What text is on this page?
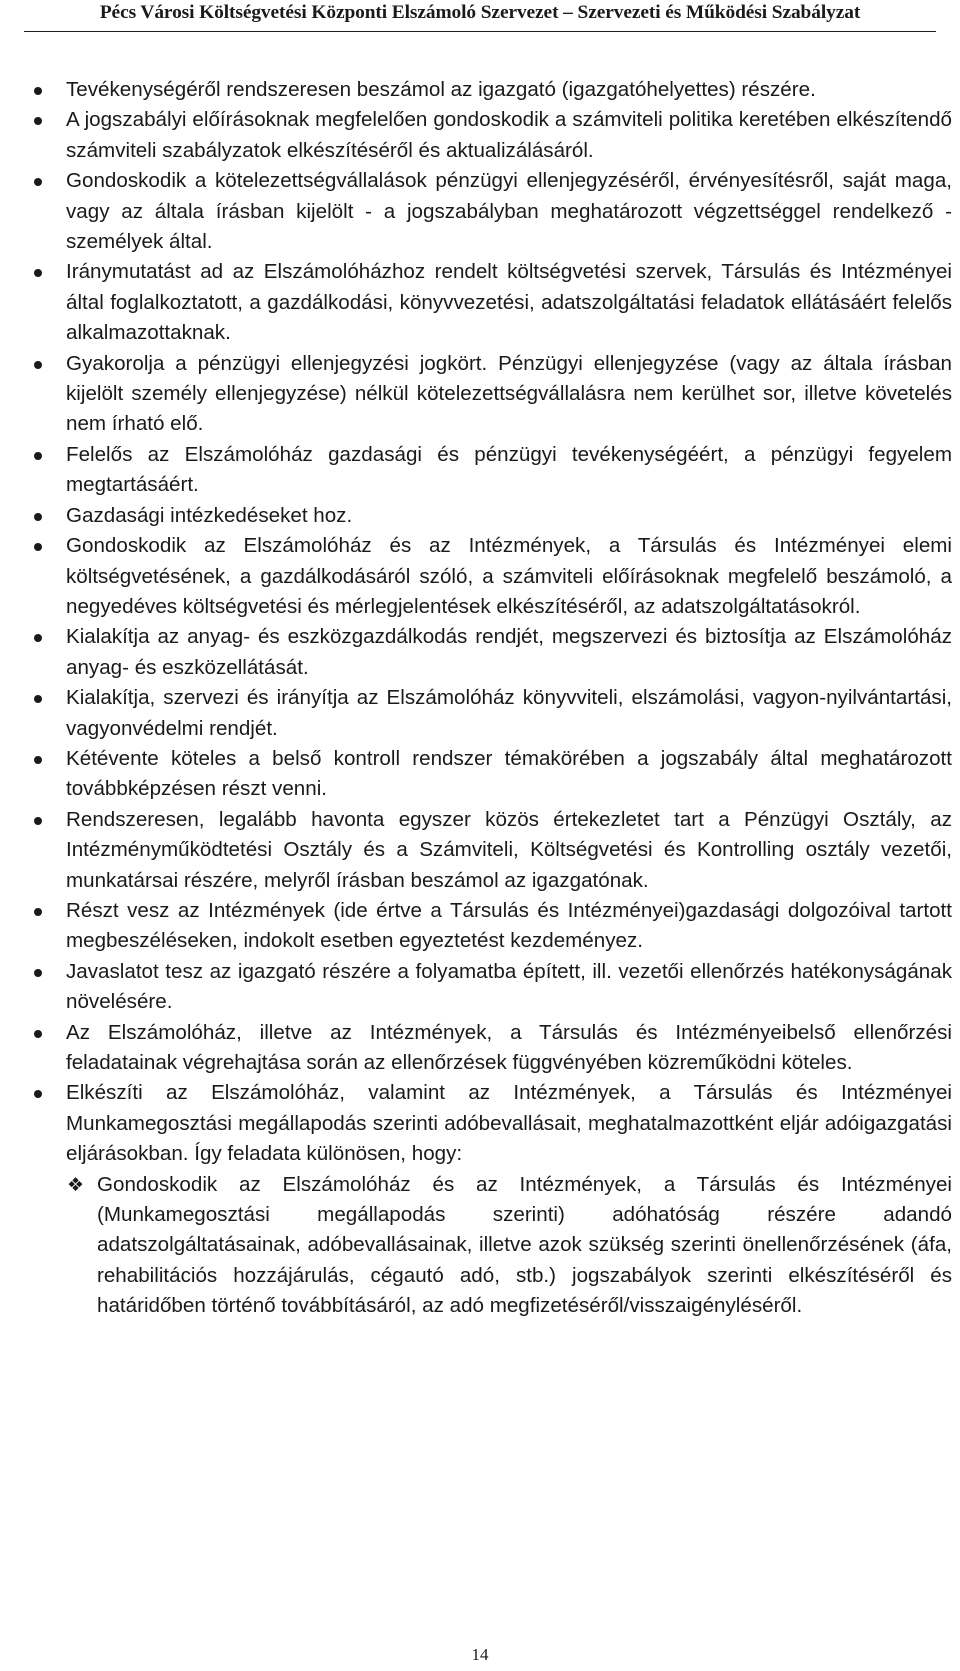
Pécs Városi Költségvetési Központi Elszámoló Szervezet – Szervezeti és Működési Szabályzat
Tevékenységéről rendszeresen beszámol az igazgató (igazgatóhelyettes) részére.
A jogszabályi előírásoknak megfelelően gondoskodik a számviteli politika keretében elkészítendő számviteli szabályzatok elkészítéséről és aktualizálásáról.
Gondoskodik a kötelezettségvállalások pénzügyi ellenjegyzéséről, érvényesítésről, saját maga, vagy az általa írásban kijelölt - a jogszabályban meghatározott végzettséggel rendelkező - személyek által.
Iránymutatást ad az Elszámolóházhoz rendelt költségvetési szervek, Társulás és Intézményei által foglalkoztatott, a gazdálkodási, könyvvezetési, adatszolgáltatási feladatok ellátásáért felelős alkalmazottaknak.
Gyakorolja a pénzügyi ellenjegyzési jogkört. Pénzügyi ellenjegyzése (vagy az általa írásban kijelölt személy ellenjegyzése) nélkül kötelezettségvállalásra nem kerülhet sor, illetve követelés nem írható elő.
Felelős az Elszámolóház gazdasági és pénzügyi tevékenységéért, a pénzügyi fegyelem megtartásáért.
Gazdasági intézkedéseket hoz.
Gondoskodik az Elszámolóház és az Intézmények, a Társulás és Intézményei elemi költségvetésének, a gazdálkodásáról szóló, a számviteli előírásoknak megfelelő beszámoló, a negyedéves költségvetési és mérlegjelentések elkészítéséről, az adatszolgáltatásokról.
Kialakítja az anyag- és eszközgazdálkodás rendjét, megszervezi és biztosítja az Elszámolóház anyag- és eszközellátását.
Kialakítja, szervezi és irányítja az Elszámolóház könyvviteli, elszámolási, vagyon-nyilvántartási, vagyonvédelmi rendjét.
Kétévente köteles a belső kontroll rendszer témakörében a jogszabály által meghatározott továbbképzésen részt venni.
Rendszeresen, legalább havonta egyszer közös értekezletet tart a Pénzügyi Osztály, az Intézményműködtetési Osztály és a Számviteli, Költségvetési és Kontrolling osztály vezetői, munkatársai részére, melyről írásban beszámol az igazgatónak.
Részt vesz az Intézmények (ide értve a Társulás és Intézményei)gazdasági dolgozóival tartott megbeszéléseken, indokolt esetben egyeztetést kezdeményez.
Javaslatot tesz az igazgató részére a folyamatba épített, ill. vezetői ellenőrzés hatékonyságának növelésére.
Az Elszámolóház, illetve az Intézmények, a Társulás és Intézményeibelső ellenőrzési feladatainak végrehajtása során az ellenőrzések függvényében közreműködni köteles.
Elkészíti az Elszámolóház, valamint az Intézmények, a Társulás és Intézményei Munkamegosztási megállapodás szerinti adóbevallásait, meghatalmazottként eljár adóigazgatási eljárásokban. Így feladata különösen, hogy:
❖ Gondoskodik az Elszámolóház és az Intézmények, a Társulás és Intézményei (Munkamegosztási megállapodás szerinti) adóhatóság részére adandó adatszolgáltatásainak, adóbevallásainak, illetve azok szükség szerinti önellenőrzésének (áfa, rehabilitációs hozzájárulás, cégautó adó, stb.) jogszabályok szerinti elkészítéséről és határidőben történő továbbításáról, az adó megfizetéséről/visszaigényléséről.
14
